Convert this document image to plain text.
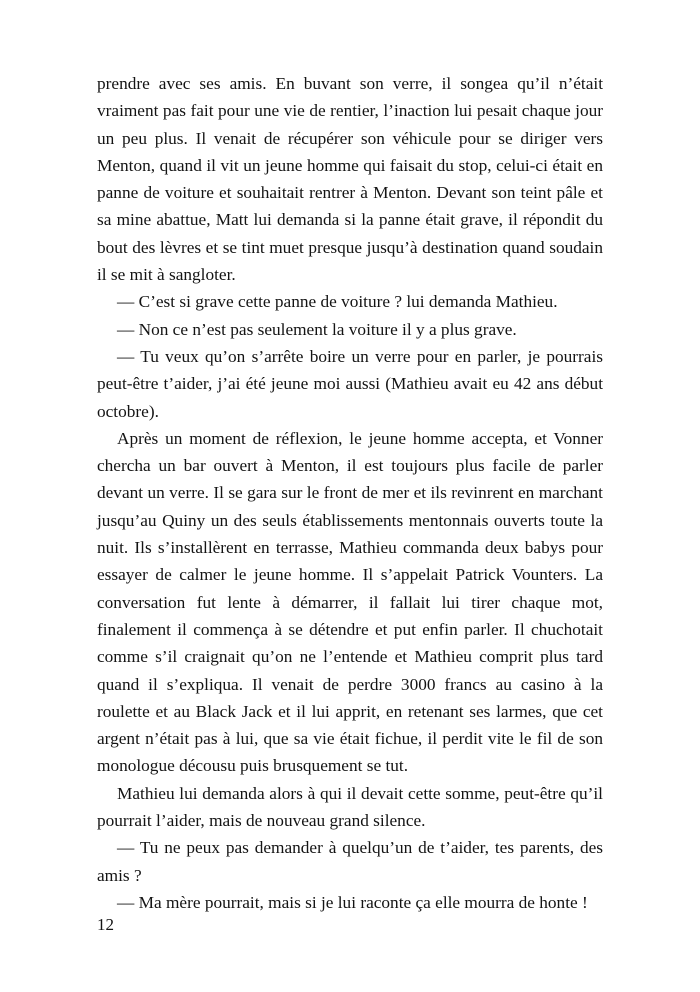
prendre avec ses amis. En buvant son verre, il songea qu’il n’était vraiment pas fait pour une vie de rentier, l’inaction lui pesait chaque jour un peu plus. Il venait de récupérer son véhicule pour se diriger vers Menton, quand il vit un jeune homme qui faisait du stop, celui-ci était en panne de voiture et souhaitait rentrer à Menton. Devant son teint pâle et sa mine abattue, Matt lui demanda si la panne était grave, il répondit du bout des lèvres et se tint muet presque jusqu’à destination quand soudain il se mit à sangloter.

— C’est si grave cette panne de voiture ? lui demanda Mathieu.

— Non ce n’est pas seulement la voiture il y a plus grave.

— Tu veux qu’on s’arrête boire un verre pour en parler, je pourrais peut-être t’aider, j’ai été jeune moi aussi (Mathieu avait eu 42 ans début octobre).

Après un moment de réflexion, le jeune homme accepta, et Vonner chercha un bar ouvert à Menton, il est toujours plus facile de parler devant un verre. Il se gara sur le front de mer et ils revinrent en marchant jusqu’au Quiny un des seuls établissements mentonnais ouverts toute la nuit. Ils s’installèrent en terrasse, Mathieu commanda deux babys pour essayer de calmer le jeune homme. Il s’appelait Patrick Vounters. La conversation fut lente à démarrer, il fallait lui tirer chaque mot, finalement il commença à se détendre et put enfin parler. Il chuchotait comme s’il craignait qu’on ne l’entende et Mathieu comprit plus tard quand il s’expliqua. Il venait de perdre 3000 francs au casino à la roulette et au Black Jack et il lui apprit, en retenant ses larmes, que cet argent n’était pas à lui, que sa vie était fichue, il perdit vite le fil de son monologue décousu puis brusquement se tut.

Mathieu lui demanda alors à qui il devait cette somme, peut-être qu’il pourrait l’aider, mais de nouveau grand silence.

— Tu ne peux pas demander à quelqu’un de t’aider, tes parents, des amis ?

— Ma mère pourrait, mais si je lui raconte ça elle mourra de honte !

12
